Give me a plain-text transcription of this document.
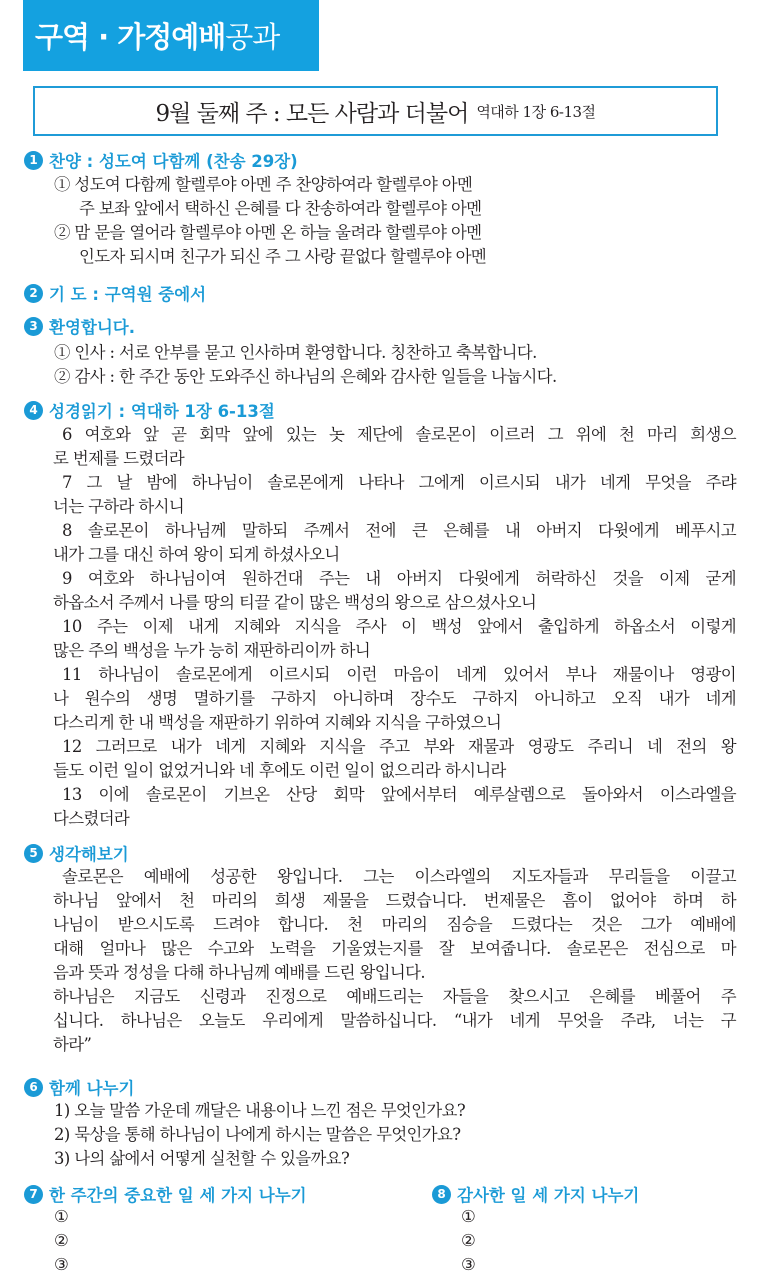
구역 · 가정예배 공과
9월 둘째 주 : 모든 사람과 더불어 역대하 1장 6-13절
1 찬양 : 성도여 다함께 (찬송 29장)
① 성도여 다함께 할렐루야 아멘 주 찬양하여라 할렐루야 아멘
주 보좌 앞에서 택하신 은혜를 다 찬송하여라 할렐루야 아멘
② 맘 문을 열어라 할렐루야 아멘 온 하늘 울려라 할렐루야 아멘
인도자 되시며 친구가 되신 주 그 사랑 끝없다 할렐루야 아멘
2 기 도 : 구역원 중에서
3 환영합니다.
① 인사 : 서로 안부를 묻고 인사하며 환영합니다. 칭찬하고 축복합니다.
② 감사 : 한 주간 동안 도와주신 하나님의 은혜와 감사한 일들을 나눕시다.
4 성경읽기 : 역대하 1장 6-13절
6 여호와 앞 곧 회막 앞에 있는 놋 제단에 솔로몬이 이르러 그 위에 천 마리 희생으
로 번제를 드렸더라
7 그 날 밤에 하나님이 솔로몬에게 나타나 그에게 이르시되 내가 네게 무엇을 주랴
너는 구하라 하시니
8 솔로몬이 하나님께 말하되 주께서 전에 큰 은혜를 내 아버지 다윗에게 베푸시고
내가 그를 대신 하여 왕이 되게 하셨사오니
9 여호와 하나님이여 원하건대 주는 내 아버지 다윗에게 허락하신 것을 이제 굳게
하옵소서 주께서 나를 땅의 티끌 같이 많은 백성의 왕으로 삼으셨사오니
10 주는 이제 내게 지혜와 지식을 주사 이 백성 앞에서 출입하게 하옵소서 이렇게
많은 주의 백성을 누가 능히 재판하리이까 하니
11 하나님이 솔로몬에게 이르시되 이런 마음이 네게 있어서 부나 재물이나 영광이
나 원수의 생명 멸하기를 구하지 아니하며 장수도 구하지 아니하고 오직 내가 네게
다스리게 한 내 백성을 재판하기 위하여 지혜와 지식을 구하였으니
12 그러므로 내가 네게 지혜와 지식을 주고 부와 재물과 영광도 주리니 네 전의 왕
들도 이런 일이 없었거니와 네 후에도 이런 일이 없으리라 하시니라
13 이에 솔로몬이 기브온 산당 회막 앞에서부터 예루살렘으로 돌아와서 이스라엘을
다스렸더라
5 생각해보기
솔로몬은 예배에 성공한 왕입니다. 그는 이스라엘의 지도자들과 무리들을 이끌고
하나님 앞에서 천 마리의 희생 제물을 드렸습니다. 번제물은 흠이 없어야 하며 하
나님이 받으시도록 드려야 합니다. 천 마리의 짐승을 드렸다는 것은 그가 예배에
대해 얼마나 많은 수고와 노력을 기울였는지를 잘 보여줍니다. 솔로몬은 전심으로 마
음과 뜻과 정성을 다해 하나님께 예배를 드린 왕입니다.
하나님은 지금도 신령과 진정으로 예배드리는 자들을 찾으시고 은혜를 베풀어 주
십니다. 하나님은 오늘도 우리에게 말씀하십니다. “내가 네게 무엇을 주랴, 너는 구
하라”
6 함께 나누기
1) 오늘 말씀 가운데 깨달은 내용이나 느낀 점은 무엇인가요?
2) 묵상을 통해 하나님이 나에게 하시는 말씀은 무엇인가요?
3) 나의 삶에서 어떻게 실천할 수 있을까요?
7 한 주간의 중요한 일 세 가지 나누기
①
②
③
8 감사한 일 세 가지 나누기
①
②
③
